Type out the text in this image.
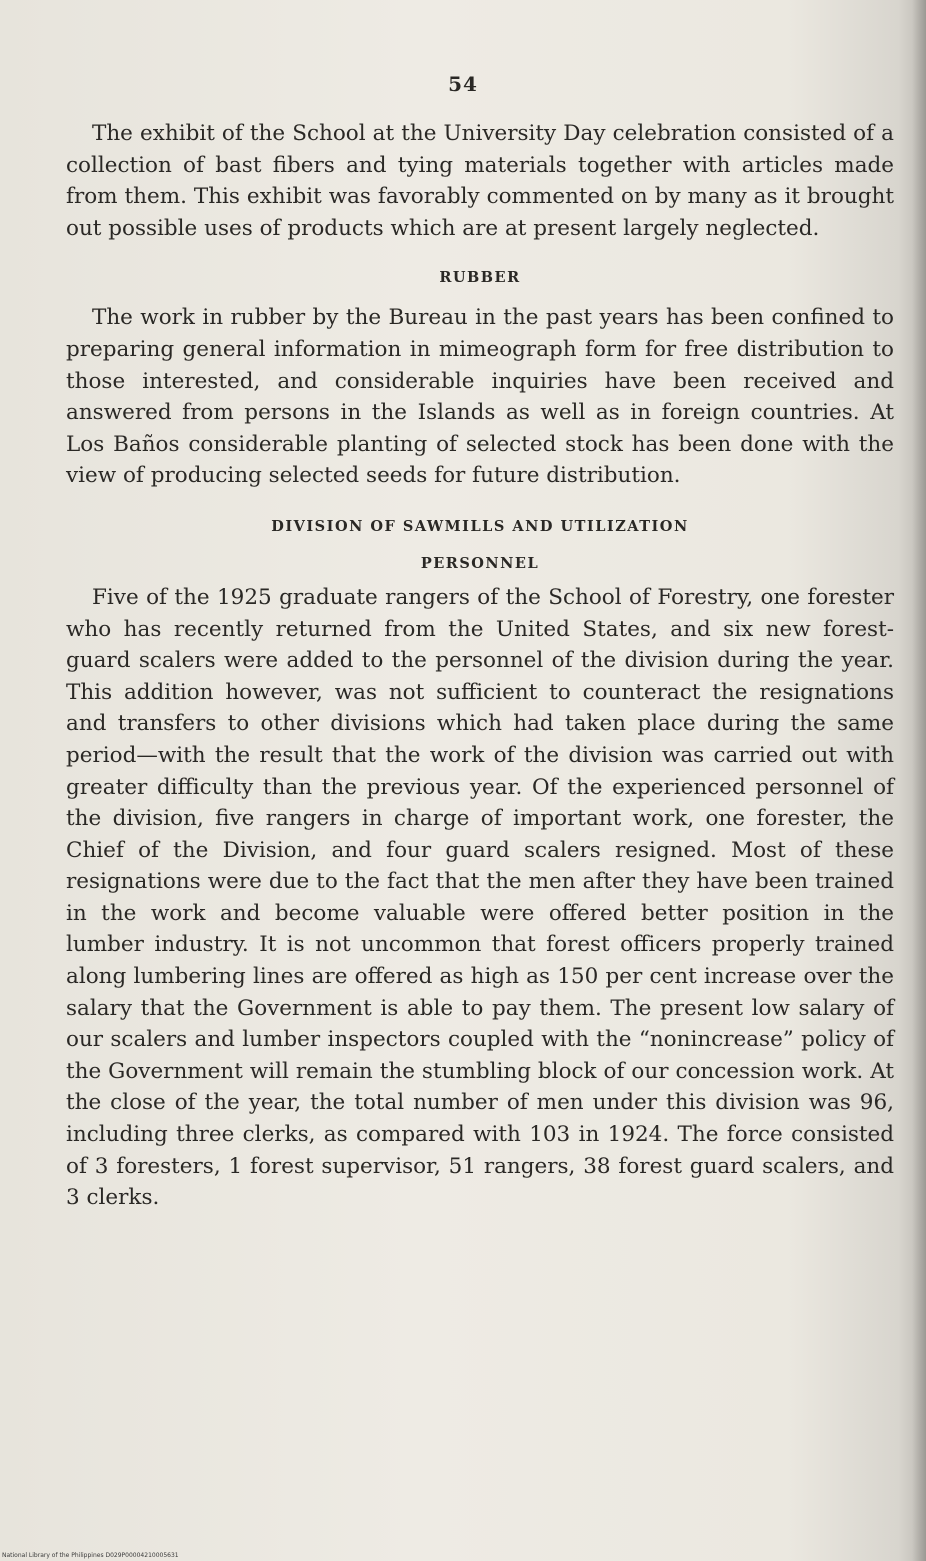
54

The exhibit of the School at the University Day celebration consisted of a collection of bast fibers and tying materials together with articles made from them. This exhibit was favorably commented on by many as it brought out possible uses of products which are at present largely neglected.

RUBBER

The work in rubber by the Bureau in the past years has been confined to preparing general information in mimeograph form for free distribution to those interested, and considerable inquiries have been received and answered from persons in the Islands as well as in foreign countries. At Los Baños considerable planting of selected stock has been done with the view of producing selected seeds for future distribution.

DIVISION OF SAWMILLS AND UTILIZATION

PERSONNEL

Five of the 1925 graduate rangers of the School of Forestry, one forester who has recently returned from the United States, and six new forest-guard scalers were added to the personnel of the division during the year. This addition however, was not sufficient to counteract the resignations and transfers to other divisions which had taken place during the same period—with the result that the work of the division was carried out with greater difficulty than the previous year. Of the experienced personnel of the division, five rangers in charge of important work, one forester, the Chief of the Division, and four guard scalers resigned. Most of these resignations were due to the fact that the men after they have been trained in the work and become valuable were offered better position in the lumber industry. It is not uncommon that forest officers properly trained along lumbering lines are offered as high as 150 per cent increase over the salary that the Government is able to pay them. The present low salary of our scalers and lumber inspectors coupled with the “nonincrease” policy of the Government will remain the stumbling block of our concession work. At the close of the year, the total number of men under this division was 96, including three clerks, as compared with 103 in 1924. The force consisted of 3 foresters, 1 forest supervisor, 51 rangers, 38 forest guard scalers, and 3 clerks.

National Library of the Philippines D029P00004210005631
